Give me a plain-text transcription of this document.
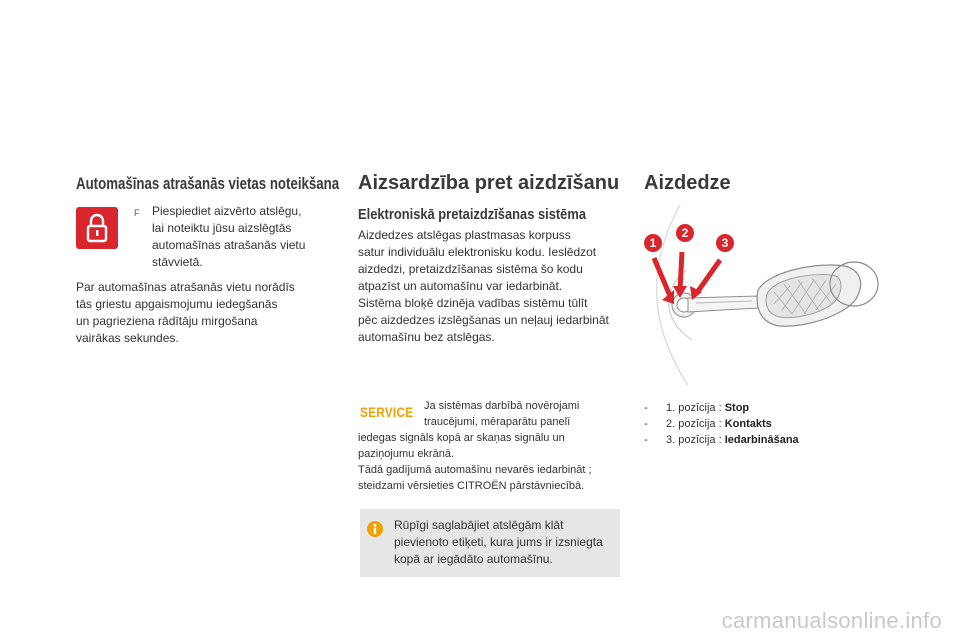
Automašīnas atrašanās vietas noteikšana
F Piespiediet aizvērto atslēgu,
lai noteiktu jūsu aizslēgtās
automašīnas atrašanās vietu
stāvvietā.
Par automašīnas atrašanās vietu norādīs
tās griestu apgaismojumu iedegšanās
un pagrieziena rādītāju mirgošana
vairākas sekundes.
Aizsardzība pret aizdzīšanu
Elektroniskā pretaizdzīšanas sistēma
Aizdedzes atslēgas plastmasas korpuss
satur individuālu elektronisku kodu. Ieslēdzot
aizdedzi, pretaizdzīšanas sistēma šo kodu
atpazīst un automašīnu var iedarbināt.
Sistēma bloķē dzinēja vadības sistēmu tūlīt
pēc aizdedzes izslēgšanas un neļauj iedarbināt
automašīnu bez atslēgas.
SERVICE Ja sistēmas darbībā novērojami
traucējumi, mēraparātu panelī
iedegas signāls kopā ar skaņas signālu un
paziņojumu ekrānā.
Tādā gadījumā automašīnu nevarēs iedarbināt ;
steidzami vērsieties CITROËN pārstāvniecībā.
Rūpīgi saglabājiet atslēgām klāt
pievienoto etiķeti, kura jums ir izsniegta
kopā ar iegādāto automašīnu.
Aizdedze
1
2
3
- 1. pozīcija : Stop
- 2. pozīcija : Kontakts
- 3. pozīcija : Iedarbināšana
carmanualsonline.info
